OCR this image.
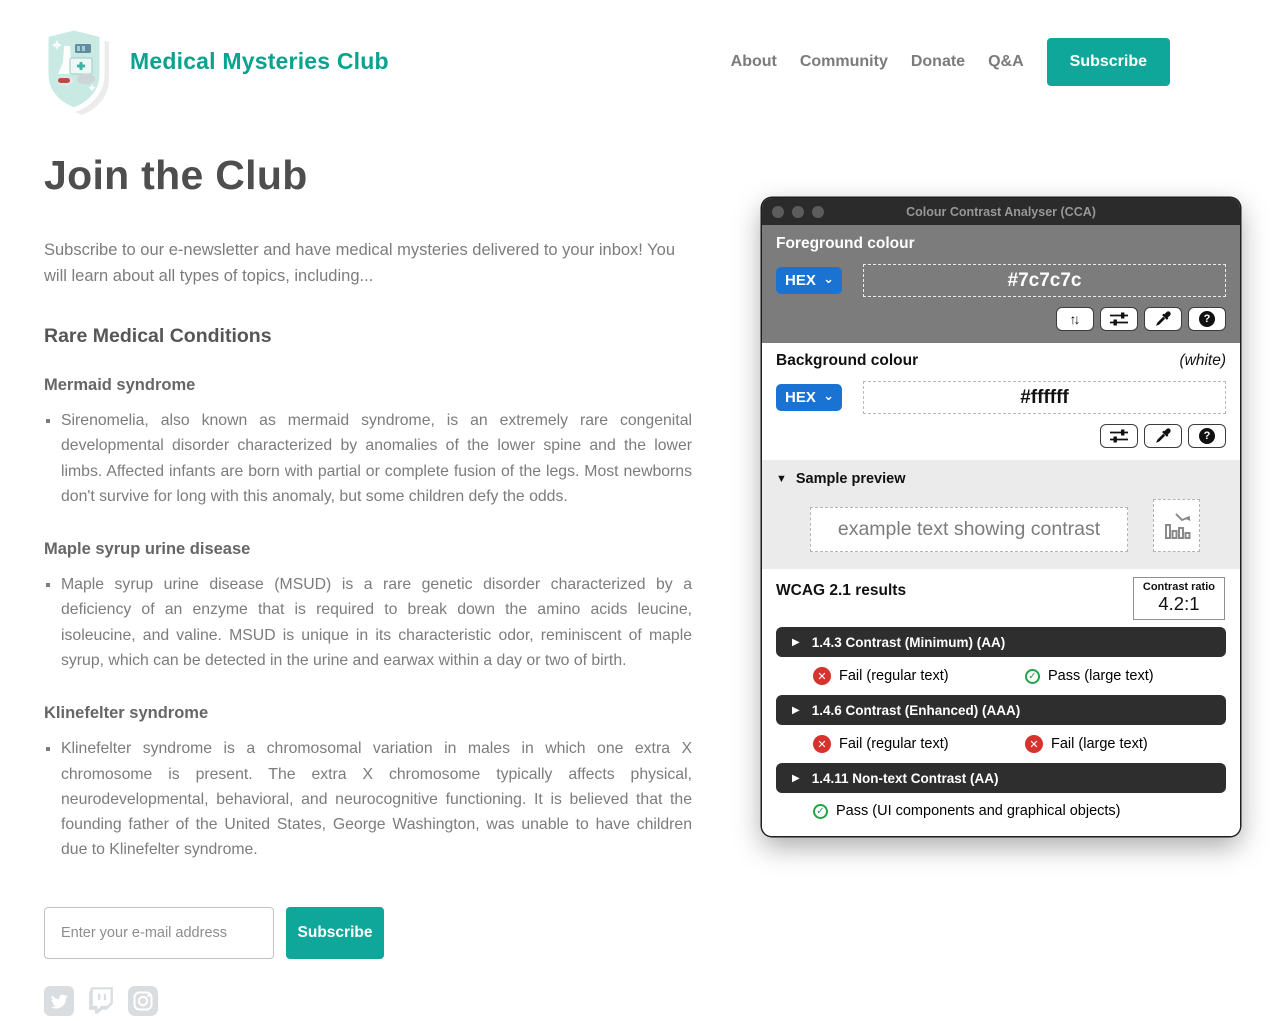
Medical Mysteries Club	About Community Donate Q&A	Subscribe
Join the Club

Subscribe to our e-newsletter and have medical mysteries delivered to your inbox! You will learn about all types of topics, including...

Rare Medical Conditions
Mermaid syndrome
▪ Sirenomelia, also known as mermaid syndrome, is an extremely rare congenital developmental disorder characterized by anomalies of the lower spine and the lower limbs. Affected infants are born with partial or complete fusion of the legs. Most newborns don't survive for long with this anomaly, but some children defy the odds.
Maple syrup urine disease
▪ Maple syrup urine disease (MSUD) is a rare genetic disorder characterized by a deficiency of an enzyme that is required to break down the amino acids leucine, isoleucine, and valine. MSUD is unique in its characteristic odor, reminiscent of maple syrup, which can be detected in the urine and earwax within a day or two of birth.
Klinefelter syndrome
▪ Klinefelter syndrome is a chromosomal variation in males in which one extra X chromosome is present. The extra X chromosome typically affects physical, neurodevelopmental, behavioral, and neurocognitive functioning. It is believed that the founding father of the United States, George Washington, was unable to have children due to Klinefelter syndrome.
Enter your e-mail address
Subscribe
Colour Contrast Analyser (CCA)
Foreground colour
HEX ⌄	#7c7c7c
↑↓	?
Background colour	(white)
HEX ⌄	#ffffff
?
▼ Sample preview
example text showing contrast
WCAG 2.1 results	Contrast ratio
4.2:1
▶ 1.4.3 Contrast (Minimum) (AA)
✕ Fail (regular text)	✓ Pass (large text)
▶ 1.4.6 Contrast (Enhanced) (AAA)
✕ Fail (regular text)	✕ Fail (large text)
▶ 1.4.11 Non-text Contrast (AA)
✓ Pass (UI components and graphical objects)
